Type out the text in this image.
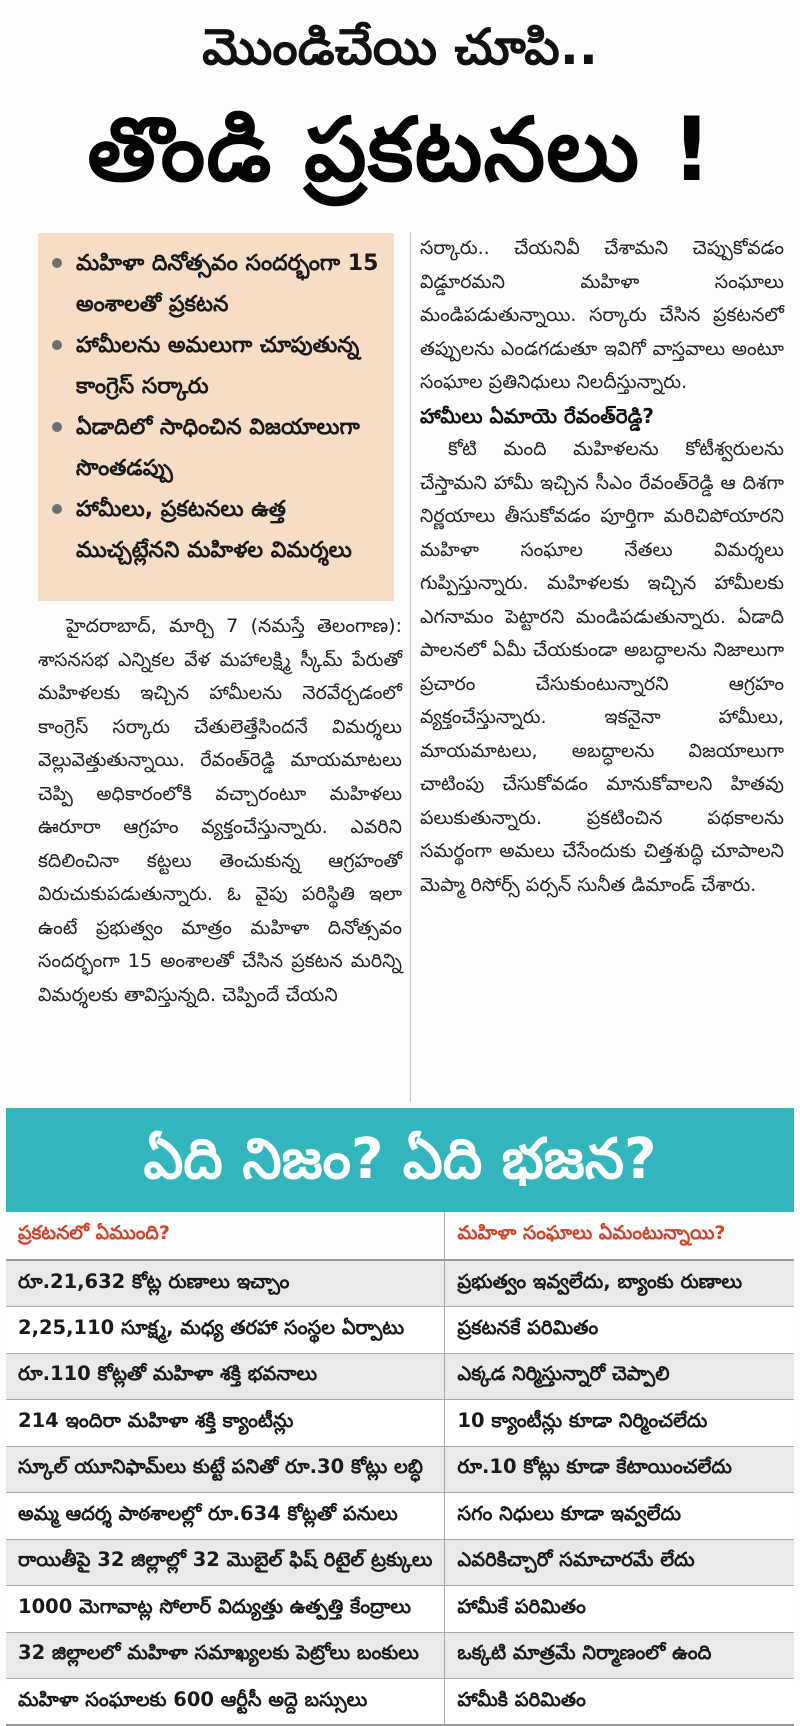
మొండిచేయి చూపి..
తొండి ప్రకటనలు !
మహిళా దినోత్సవం సందర్భంగా 15 అంశాలతో ప్రకటన
హామీలను అమలుగా చూపుతున్న కాంగ్రెస్ సర్కారు
ఏడాదిలో సాధించిన విజయాలుగా సొంతడప్పు
హామీలు, ప్రకటనలు ఉత్త ముచ్చట్లేనని మహిళల విమర్శలు

హైదరాబాద్, మార్చి 7 (నమస్తే తెలంగాణ): శాసనసభ ఎన్నికల వేళ మహాలక్ష్మి స్కీమ్ పేరుతో మహిళలకు ఇచ్చిన హామీలను నెరవేర్చడంలో కాంగ్రెస్ సర్కారు చేతులెత్తేసిందనే విమర్శలు వెల్లువెత్తుతున్నాయి. రేవంత్‌రెడ్డి మాయమాటలు చెప్పి అధికారంలోకి వచ్చారంటూ మహిళలు ఊరూరా ఆగ్రహం వ్యక్తంచేస్తున్నారు. ఎవరిని కదిలించినా కట్టలు తెంచుకున్న ఆగ్రహంతో విరుచుకుపడుతున్నారు. ఓ వైపు పరిస్థితి ఇలా ఉంటే ప్రభుత్వం మాత్రం మహిళా దినోత్సవం సందర్భంగా 15 అంశాలతో చేసిన ప్రకటన మరిన్ని విమర్శలకు తావిస్తున్నది. చెప్పిందే చేయని

సర్కారు.. చేయనివీ చేశామని చెప్పుకోవడం విడ్డూరమని మహిళా సంఘాలు మండిపడుతున్నాయి. సర్కారు చేసిన ప్రకటనలో తప్పులను ఎండగడుతూ ఇవిగో వాస్తవాలు అంటూ సంఘాల ప్రతినిధులు నిలదీస్తున్నారు.

హామీలు ఏమాయె రేవంత్‌రెడ్డి?

కోటి మంది మహిళలను కోటీశ్వరులను చేస్తామని హామీ ఇచ్చిన సీఎం రేవంత్‌రెడ్డి ఆ దిశగా నిర్ణయాలు తీసుకోవడం పూర్తిగా మరిచిపోయారని మహిళా సంఘాల నేతలు విమర్శలు గుప్పిస్తున్నారు. మహిళలకు ఇచ్చిన హామీలకు ఎగనామం పెట్టారని మండిపడుతున్నారు. ఏడాది పాలనలో ఏమీ చేయకుండా అబద్ధాలను నిజాలుగా ప్రచారం చేసుకుంటున్నారని ఆగ్రహం వ్యక్తంచేస్తున్నారు. ఇకనైనా హామీలు, మాయమాటలు, అబద్ధాలను విజయాలుగా చాటింపు చేసుకోవడం మానుకోవాలని హితవు పలుకుతున్నారు. ప్రకటించిన పథకాలను సమర్థంగా అమలు చేసేందుకు చిత్తశుద్ధి చూపాలని మెప్మా రిసోర్స్ పర్సన్ సునీత డిమాండ్ చేశారు.

ఏది నిజం? ఏది భజన?
ప్రకటనలో ఏముంది?	మహిళా సంఘాలు ఏమంటున్నాయి?
రూ.21,632 కోట్ల రుణాలు ఇచ్చాం	ప్రభుత్వం ఇవ్వలేదు, బ్యాంకు రుణాలు
2,25,110 సూక్ష్మ, మధ్య తరహా సంస్థల ఏర్పాటు	ప్రకటనకే పరిమితం
రూ.110 కోట్లతో మహిళా శక్తి భవనాలు	ఎక్కడ నిర్మిస్తున్నారో చెప్పాలి
214 ఇందిరా మహిళా శక్తి క్యాంటీన్లు	10 క్యాంటీన్లు కూడా నిర్మించలేదు
స్కూల్ యూనిఫామ్‌లు కుట్టే పనితో రూ.30 కోట్లు లబ్ధి	రూ.10 కోట్లు కూడా కేటాయించలేదు
అమ్మ ఆదర్శ పాఠశాలల్లో రూ.634 కోట్లతో పనులు	సగం నిధులు కూడా ఇవ్వలేదు
రాయితీపై 32 జిల్లాల్లో 32 మొబైల్ ఫిష్ రిటైల్ ట్రక్కులు	ఎవరికిచ్చారో సమాచారమే లేదు
1000 మెగావాట్ల సోలార్ విద్యుత్తు ఉత్పత్తి కేంద్రాలు	హామీకే పరిమితం
32 జిల్లాలలో మహిళా సమాఖ్యలకు పెట్రోలు బంకులు	ఒక్కటి మాత్రమే నిర్మాణంలో ఉంది
మహిళా సంఘాలకు 600 ఆర్టీసీ అద్దె బస్సులు	హామీకి పరిమితం
